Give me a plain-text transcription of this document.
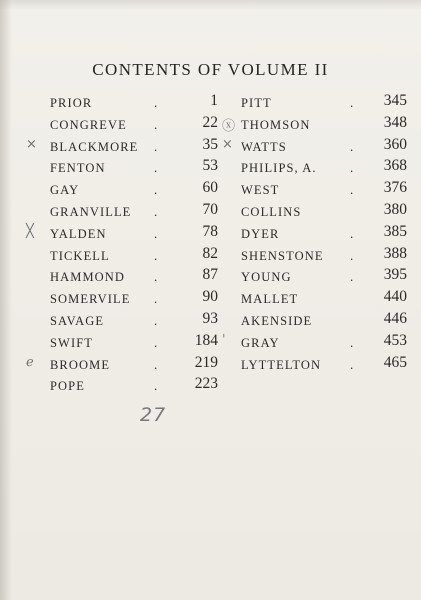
CONTENTS OF VOLUME II
PRIOR	.	1
CONGREVE .	22
× BLACKMORE .	35
FENTON	.	53
GAY	.	60
GRANVILLE .	70
╳ YALDEN	.	78
TICKELL	.	82
HAMMOND .	87
SOMERVILE .	90
SAVAGE	.	93
SWIFT	. 184
ℯ BROOME	. 219
POPE	. 223
PITT	. 345
ⓧ THOMSON	348
× WATTS	. 360
PHILIPS, A.	. 368
WEST	. 376
COLLINS	380
DYER	. 385
SHENSTONE . 388
YOUNG	. 395
MALLET	440
AKENSIDE	446
ˈ GRAY	. 453
LYTTELTON . 465
27
